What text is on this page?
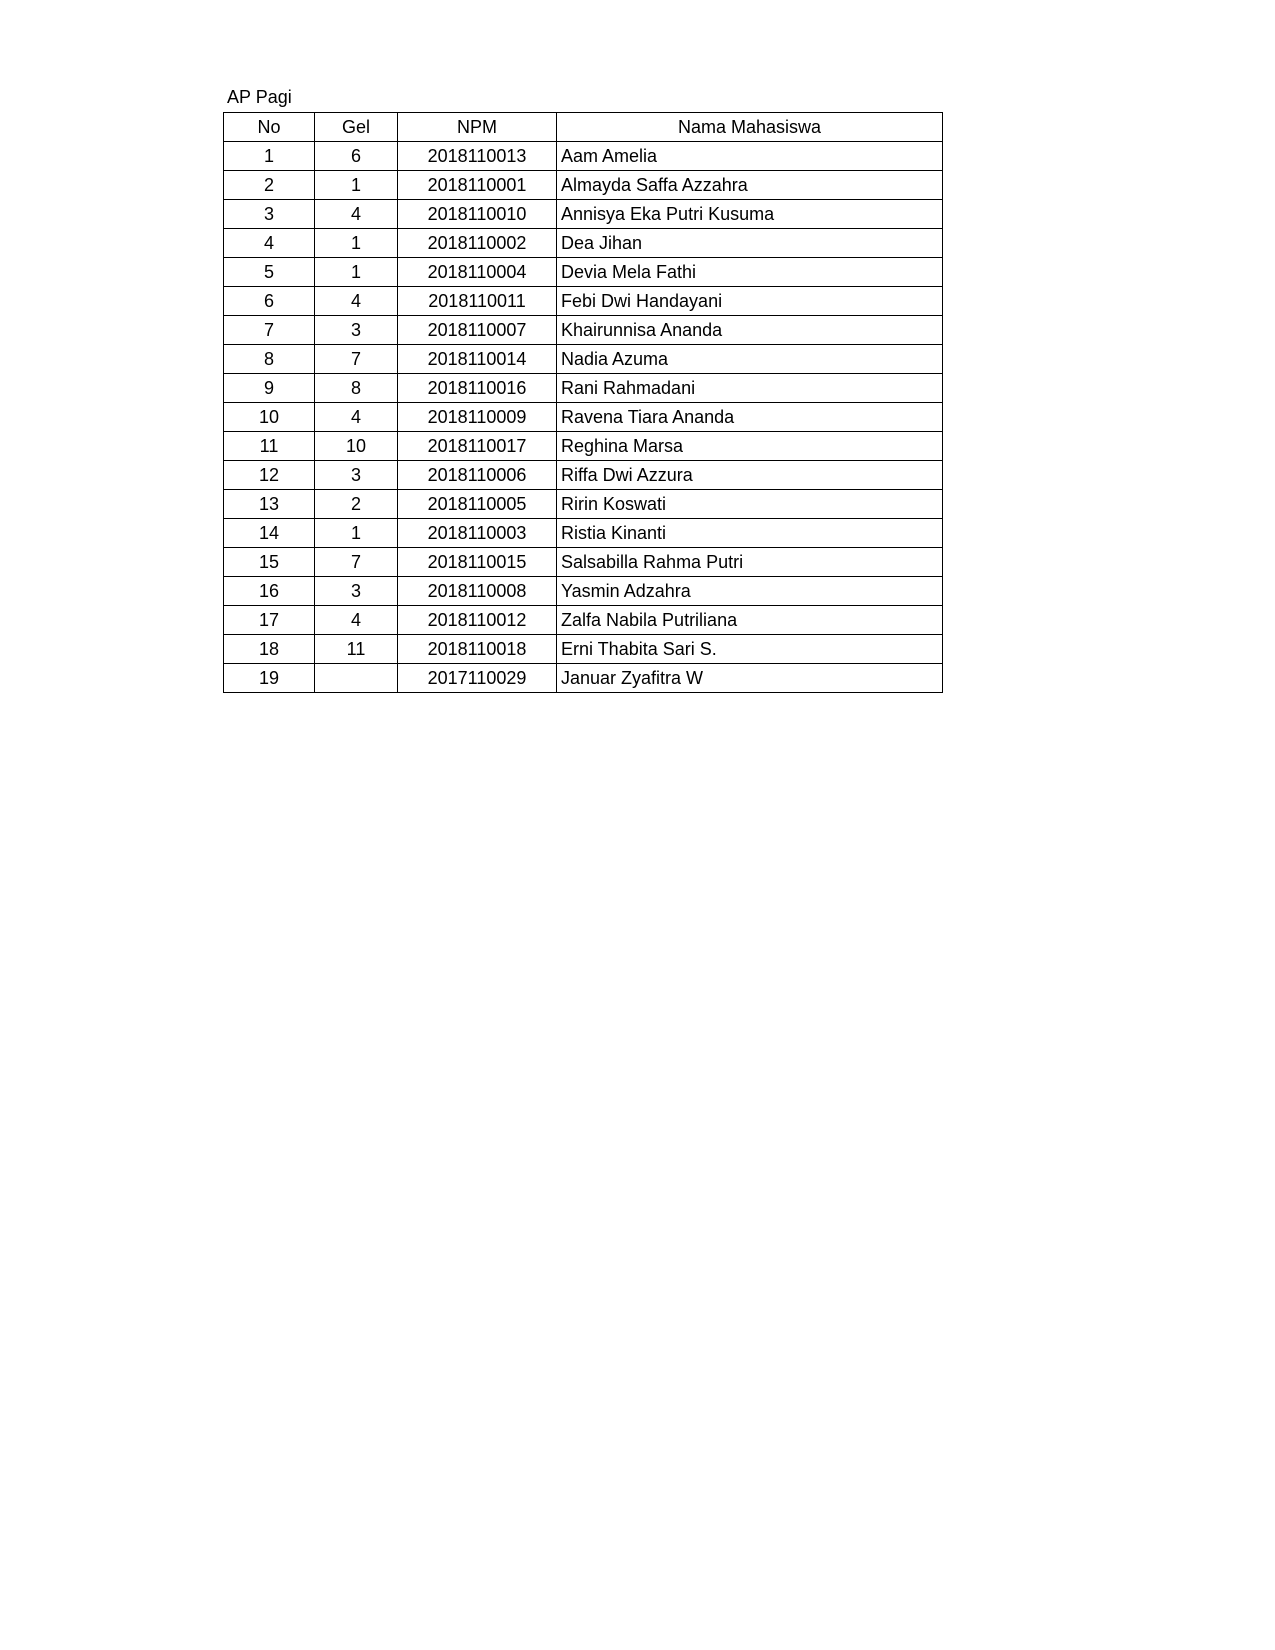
AP Pagi
No	Gel	NPM	Nama Mahasiswa
1	6	2018110013	Aam Amelia
2	1	2018110001	Almayda Saffa Azzahra
3	4	2018110010	Annisya Eka Putri Kusuma
4	1	2018110002	Dea Jihan
5	1	2018110004	Devia Mela Fathi
6	4	2018110011	Febi Dwi Handayani
7	3	2018110007	Khairunnisa Ananda
8	7	2018110014	Nadia Azuma
9	8	2018110016	Rani Rahmadani
10	4	2018110009	Ravena Tiara Ananda
11	10	2018110017	Reghina Marsa
12	3	2018110006	Riffa Dwi Azzura
13	2	2018110005	Ririn Koswati
14	1	2018110003	Ristia Kinanti
15	7	2018110015	Salsabilla Rahma Putri
16	3	2018110008	Yasmin Adzahra
17	4	2018110012	Zalfa Nabila Putriliana
18	11	2018110018	Erni Thabita Sari S.
19		2017110029	Januar Zyafitra W
